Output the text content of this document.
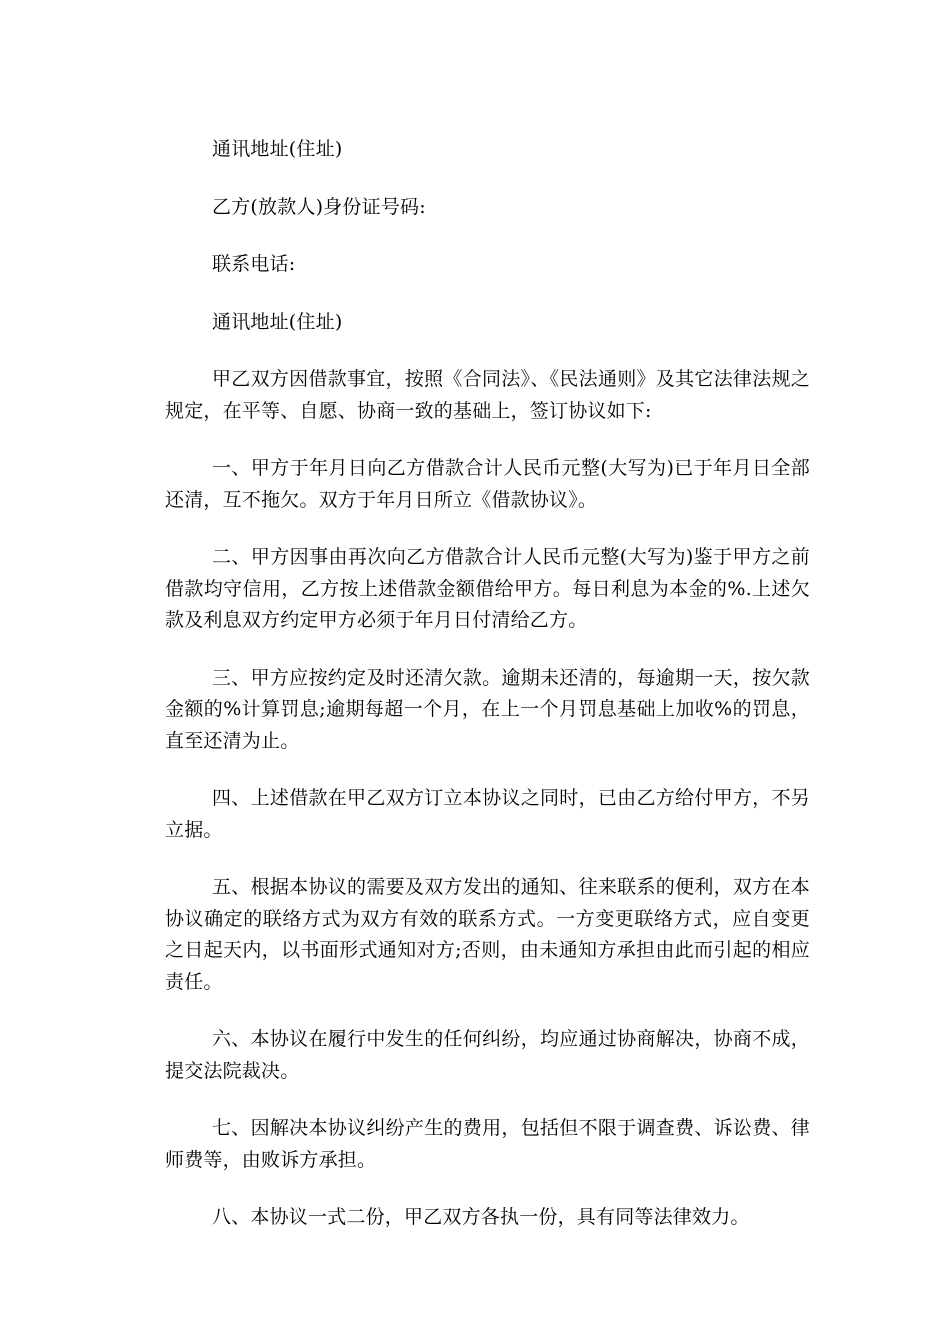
通讯地址(住址)

乙方(放款人)身份证号码:

联系电话:

通讯地址(住址)

甲乙双方因借款事宜，按照《合同法》、《民法通则》及其它法律法规之规定，在平等、自愿、协商一致的基础上，签订协议如下:

一、甲方于年月日向乙方借款合计人民币元整(大写为)已于年月日全部还清，互不拖欠。双方于年月日所立《借款协议》。

二、甲方因事由再次向乙方借款合计人民币元整(大写为)鉴于甲方之前借款均守信用，乙方按上述借款金额借给甲方。每日利息为本金的%.上述欠款及利息双方约定甲方必须于年月日付清给乙方。

三、甲方应按约定及时还清欠款。逾期未还清的，每逾期一天，按欠款金额的%计算罚息;逾期每超一个月，在上一个月罚息基础上加收%的罚息，直至还清为止。

四、上述借款在甲乙双方订立本协议之同时，已由乙方给付甲方，不另立据。

五、根据本协议的需要及双方发出的通知、往来联系的便利，双方在本协议确定的联络方式为双方有效的联系方式。一方变更联络方式，应自变更之日起天内，以书面形式通知对方;否则，由未通知方承担由此而引起的相应责任。

六、本协议在履行中发生的任何纠纷，均应通过协商解决，协商不成，提交法院裁决。

七、因解决本协议纠纷产生的费用，包括但不限于调查费、诉讼费、律师费等，由败诉方承担。

八、本协议一式二份，甲乙双方各执一份，具有同等法律效力。
